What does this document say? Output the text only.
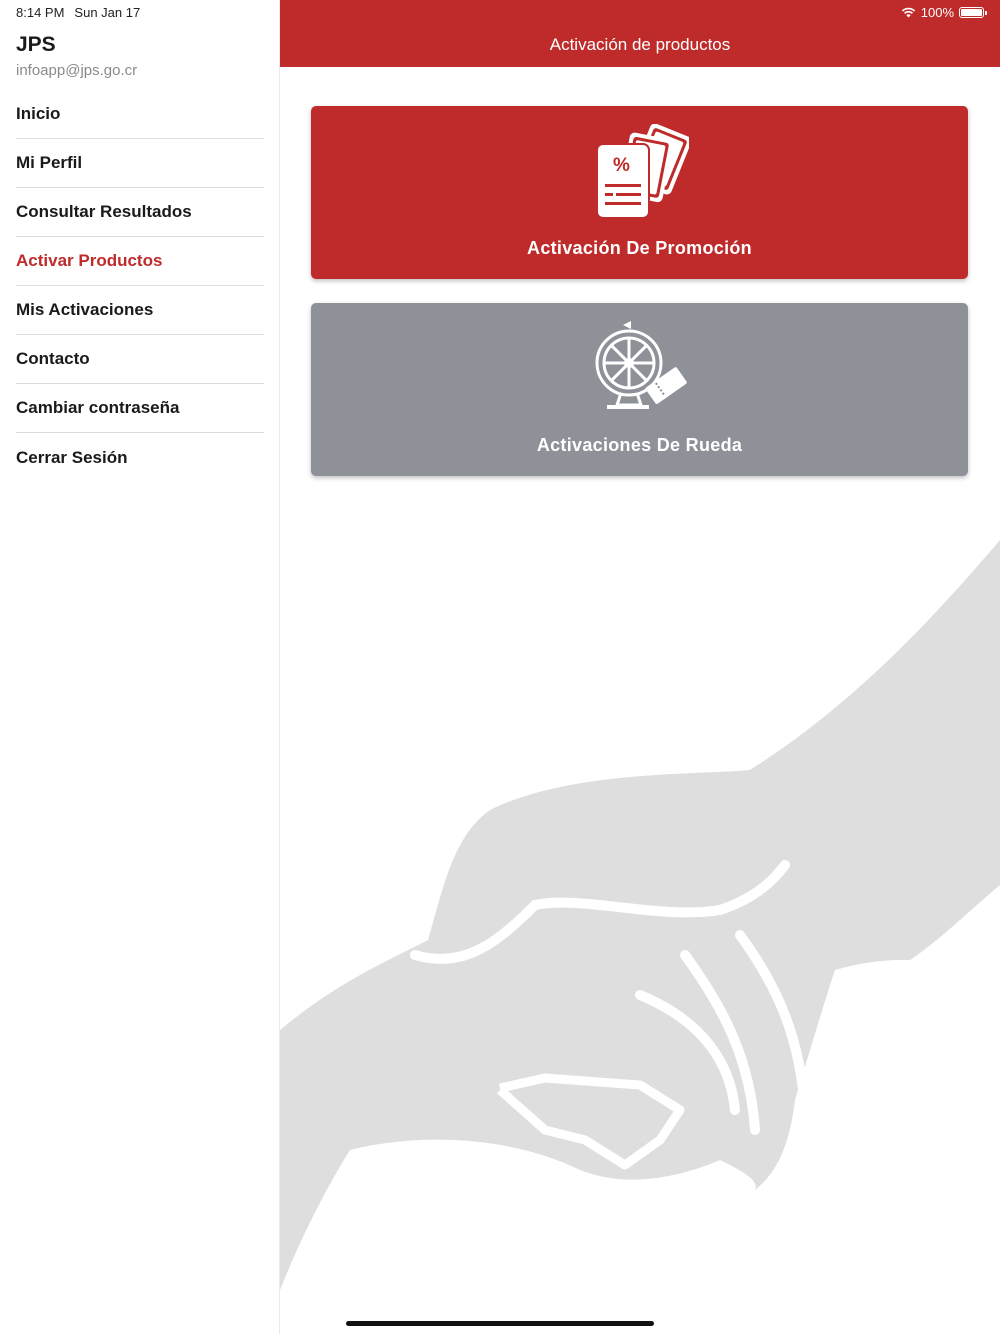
8:14 PM Sun Jan 17
JPS
infoapp@jps.go.cr
Inicio
Mi Perfil
Consultar Resultados
Activar Productos
Mis Activaciones
Contacto
Cambiar contraseña
Cerrar Sesión
100%
Activación de productos
%
Activación De Promoción
Activaciones De Rueda
